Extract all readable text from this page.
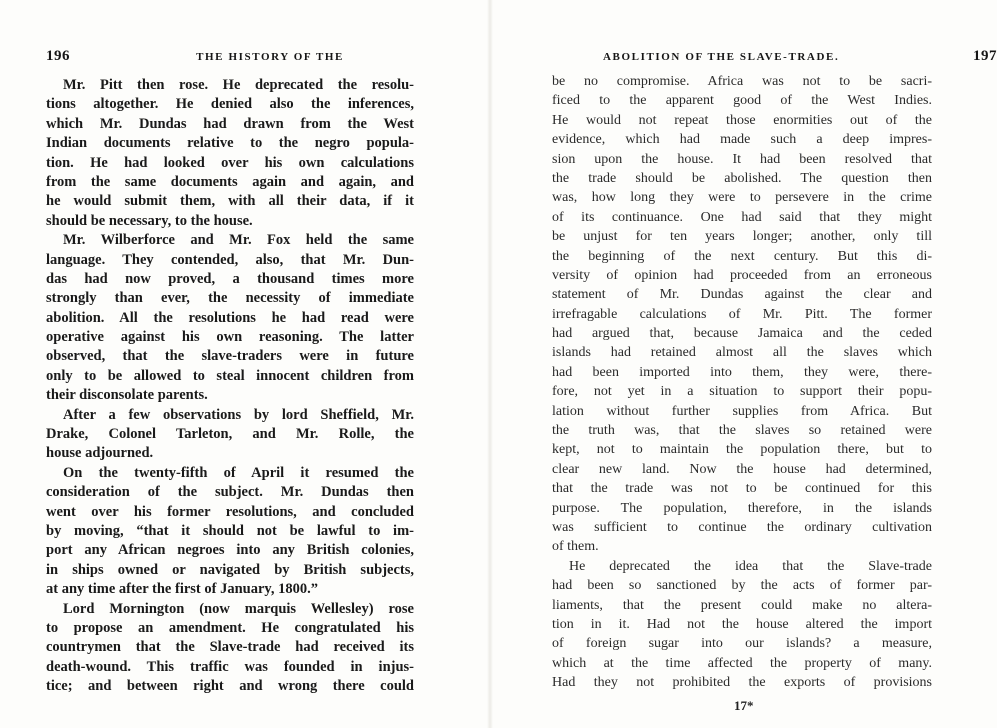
196	THE HISTORY OF THE
Mr. Pitt then rose. He deprecated the resolu-
tions altogether. He denied also the inferences,
which Mr. Dundas had drawn from the West
Indian documents relative to the negro popula-
tion. He had looked over his own calculations
from the same documents again and again, and
he would submit them, with all their data, if it
should be necessary, to the house.
Mr. Wilberforce and Mr. Fox held the same
language. They contended, also, that Mr. Dun-
das had now proved, a thousand times more
strongly than ever, the necessity of immediate
abolition. All the resolutions he had read were
operative against his own reasoning. The latter
observed, that the slave-traders were in future
only to be allowed to steal innocent children from
their disconsolate parents.
After a few observations by lord Sheffield, Mr.
Drake, Colonel Tarleton, and Mr. Rolle, the
house adjourned.
On the twenty-fifth of April it resumed the
consideration of the subject. Mr. Dundas then
went over his former resolutions, and concluded
by moving, “that it should not be lawful to im-
port any African negroes into any British colonies,
in ships owned or navigated by British subjects,
at any time after the first of January, 1800.”
Lord Mornington (now marquis Wellesley) rose
to propose an amendment. He congratulated his
countrymen that the Slave-trade had received its
death-wound. This traffic was founded in injus-
tice; and between right and wrong there could
ABOLITION OF THE SLAVE-TRADE.	197
be no compromise. Africa was not to be sacri-
ficed to the apparent good of the West Indies.
He would not repeat those enormities out of the
evidence, which had made such a deep impres-
sion upon the house. It had been resolved that
the trade should be abolished. The question then
was, how long they were to persevere in the crime
of its continuance. One had said that they might
be unjust for ten years longer; another, only till
the beginning of the next century. But this di-
versity of opinion had proceeded from an erroneous
statement of Mr. Dundas against the clear and
irrefragable calculations of Mr. Pitt. The former
had argued that, because Jamaica and the ceded
islands had retained almost all the slaves which
had been imported into them, they were, there-
fore, not yet in a situation to support their popu-
lation without further supplies from Africa. But
the truth was, that the slaves so retained were
kept, not to maintain the population there, but to
clear new land. Now the house had determined,
that the trade was not to be continued for this
purpose. The population, therefore, in the islands
was sufficient to continue the ordinary cultivation
of them.
He deprecated the idea that the Slave-trade
had been so sanctioned by the acts of former par-
liaments, that the present could make no altera-
tion in it. Had not the house altered the import
of foreign sugar into our islands? a measure,
which at the time affected the property of many.
Had they not prohibited the exports of provisions
17*
